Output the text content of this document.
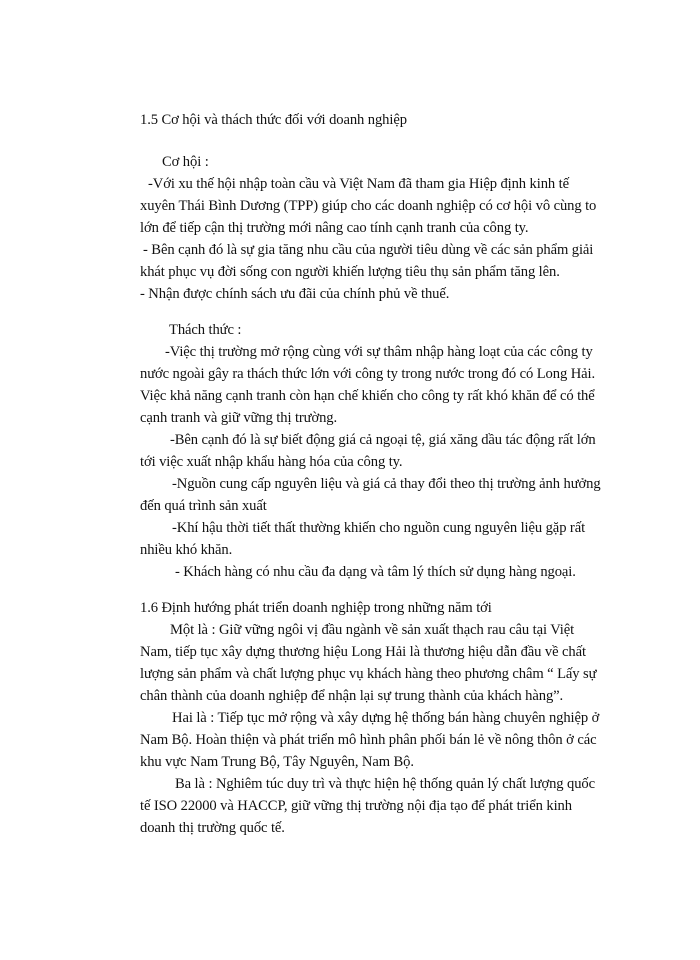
1.5 Cơ hội và thách thức đối với doanh nghiệp
Cơ hội :
-Với xu thế hội nhập toàn cầu và Việt Nam đã tham gia Hiệp định kinh tế
xuyên Thái Bình Dương (TPP) giúp cho các doanh nghiệp có cơ hội vô cùng to
lớn để tiếp cận thị trường mới nâng cao tính cạnh tranh của công ty.
- Bên cạnh đó là sự gia tăng nhu cầu của người tiêu dùng về các sản phẩm giải
khát phục vụ đời sống con người khiến lượng tiêu thụ sản phẩm tăng lên.
- Nhận được chính sách ưu đãi của chính phủ về thuế.
Thách thức :
-Việc thị trường mở rộng cùng với sự thâm nhập hàng loạt của các công ty
nước ngoài gây ra thách thức lớn với công ty trong nước trong đó có Long Hải.
Việc khả năng cạnh tranh còn hạn chế khiến cho công ty rất khó khăn để có thể
cạnh tranh và giữ vững thị trường.
-Bên cạnh đó là sự biết động giá cả ngoại tệ, giá xăng dầu tác động rất lớn
tới việc xuất nhập khẩu hàng hóa của công ty.
-Nguồn cung cấp nguyên liệu và giá cả thay đổi theo thị trường ảnh hưởng
đến quá trình sản xuất
-Khí hậu thời tiết thất thường khiến cho nguồn cung nguyên liệu gặp rất
nhiều khó khăn.
- Khách hàng có nhu cầu đa dạng và tâm lý thích sử dụng hàng ngoại.
1.6 Định hướng phát triển doanh nghiệp trong những năm tới
Một là : Giữ vững ngôi vị đầu ngành về sản xuất thạch rau câu tại Việt
Nam, tiếp tục xây dựng thương hiệu Long Hải là thương hiệu dẫn đầu về chất
lượng sản phẩm và chất lượng phục vụ khách hàng theo phương châm “ Lấy sự
chân thành của doanh nghiệp để nhận lại sự trung thành của khách hàng”.
Hai là : Tiếp tục mở rộng và xây dựng hệ thống bán hàng chuyên nghiệp ở
Nam Bộ. Hoàn thiện và phát triển mô hình phân phối bán lẻ về nông thôn ở các
khu vực Nam Trung Bộ, Tây Nguyên, Nam Bộ.
Ba là : Nghiêm túc duy trì và thực hiện hệ thống quản lý chất lượng quốc
tế ISO 22000 và HACCP, giữ vững thị trường nội địa tạo để phát triển kinh
doanh thị trường quốc tế.
